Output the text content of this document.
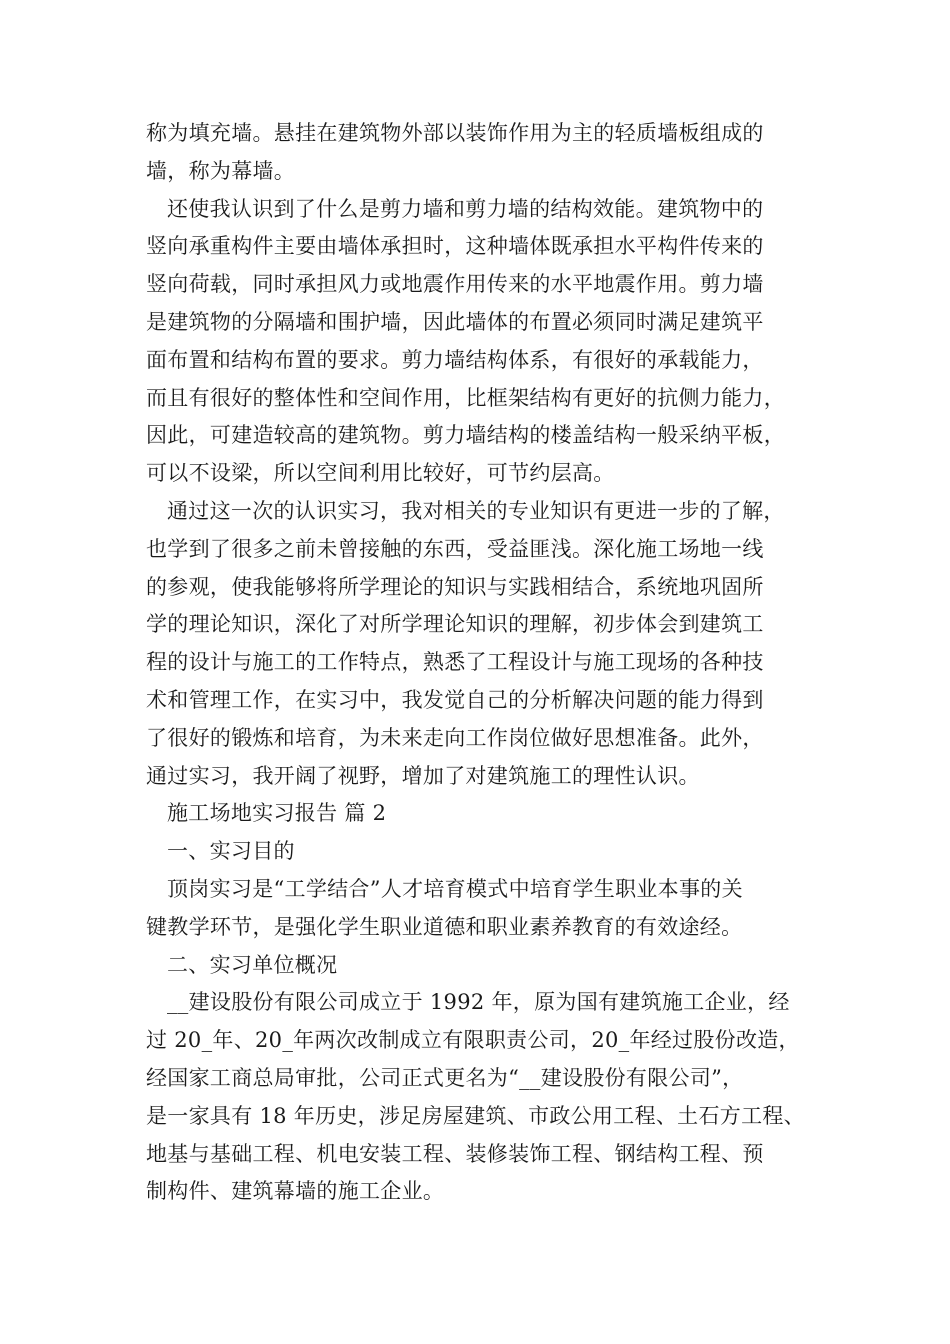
称为填充墙。悬挂在建筑物外部以装饰作用为主的轻质墙板组成的
墙，称为幕墙。
还使我认识到了什么是剪力墙和剪力墙的结构效能。建筑物中的
竖向承重构件主要由墙体承担时，这种墙体既承担水平构件传来的
竖向荷载，同时承担风力或地震作用传来的水平地震作用。剪力墙
是建筑物的分隔墙和围护墙，因此墙体的布置必须同时满足建筑平
面布置和结构布置的要求。剪力墙结构体系，有很好的承载能力，
而且有很好的整体性和空间作用，比框架结构有更好的抗侧力能力，
因此，可建造较高的建筑物。剪力墙结构的楼盖结构一般采纳平板，
可以不设梁，所以空间利用比较好，可节约层高。
通过这一次的认识实习，我对相关的专业知识有更进一步的了解，
也学到了很多之前未曾接触的东西，受益匪浅。深化施工场地一线
的参观，使我能够将所学理论的知识与实践相结合，系统地巩固所
学的理论知识，深化了对所学理论知识的理解，初步体会到建筑工
程的设计与施工的工作特点，熟悉了工程设计与施工现场的各种技
术和管理工作，在实习中，我发觉自己的分析解决问题的能力得到
了很好的锻炼和培育，为未来走向工作岗位做好思想准备。此外，
通过实习，我开阔了视野，增加了对建筑施工的理性认识。
施工场地实习报告 篇 2
一、实习目的
顶岗实习是“工学结合”人才培育模式中培育学生职业本事的关
键教学环节，是强化学生职业道德和职业素养教育的有效途经。
二、实习单位概况
__建设股份有限公司成立于 1992 年，原为国有建筑施工企业，经
过 20_年、20_年两次改制成立有限职责公司，20_年经过股份改造，
经国家工商总局审批，公司正式更名为“__建设股份有限公司”，
是一家具有 18 年历史，涉足房屋建筑、市政公用工程、土石方工程、
地基与基础工程、机电安装工程、装修装饰工程、钢结构工程、预
制构件、建筑幕墙的施工企业。
